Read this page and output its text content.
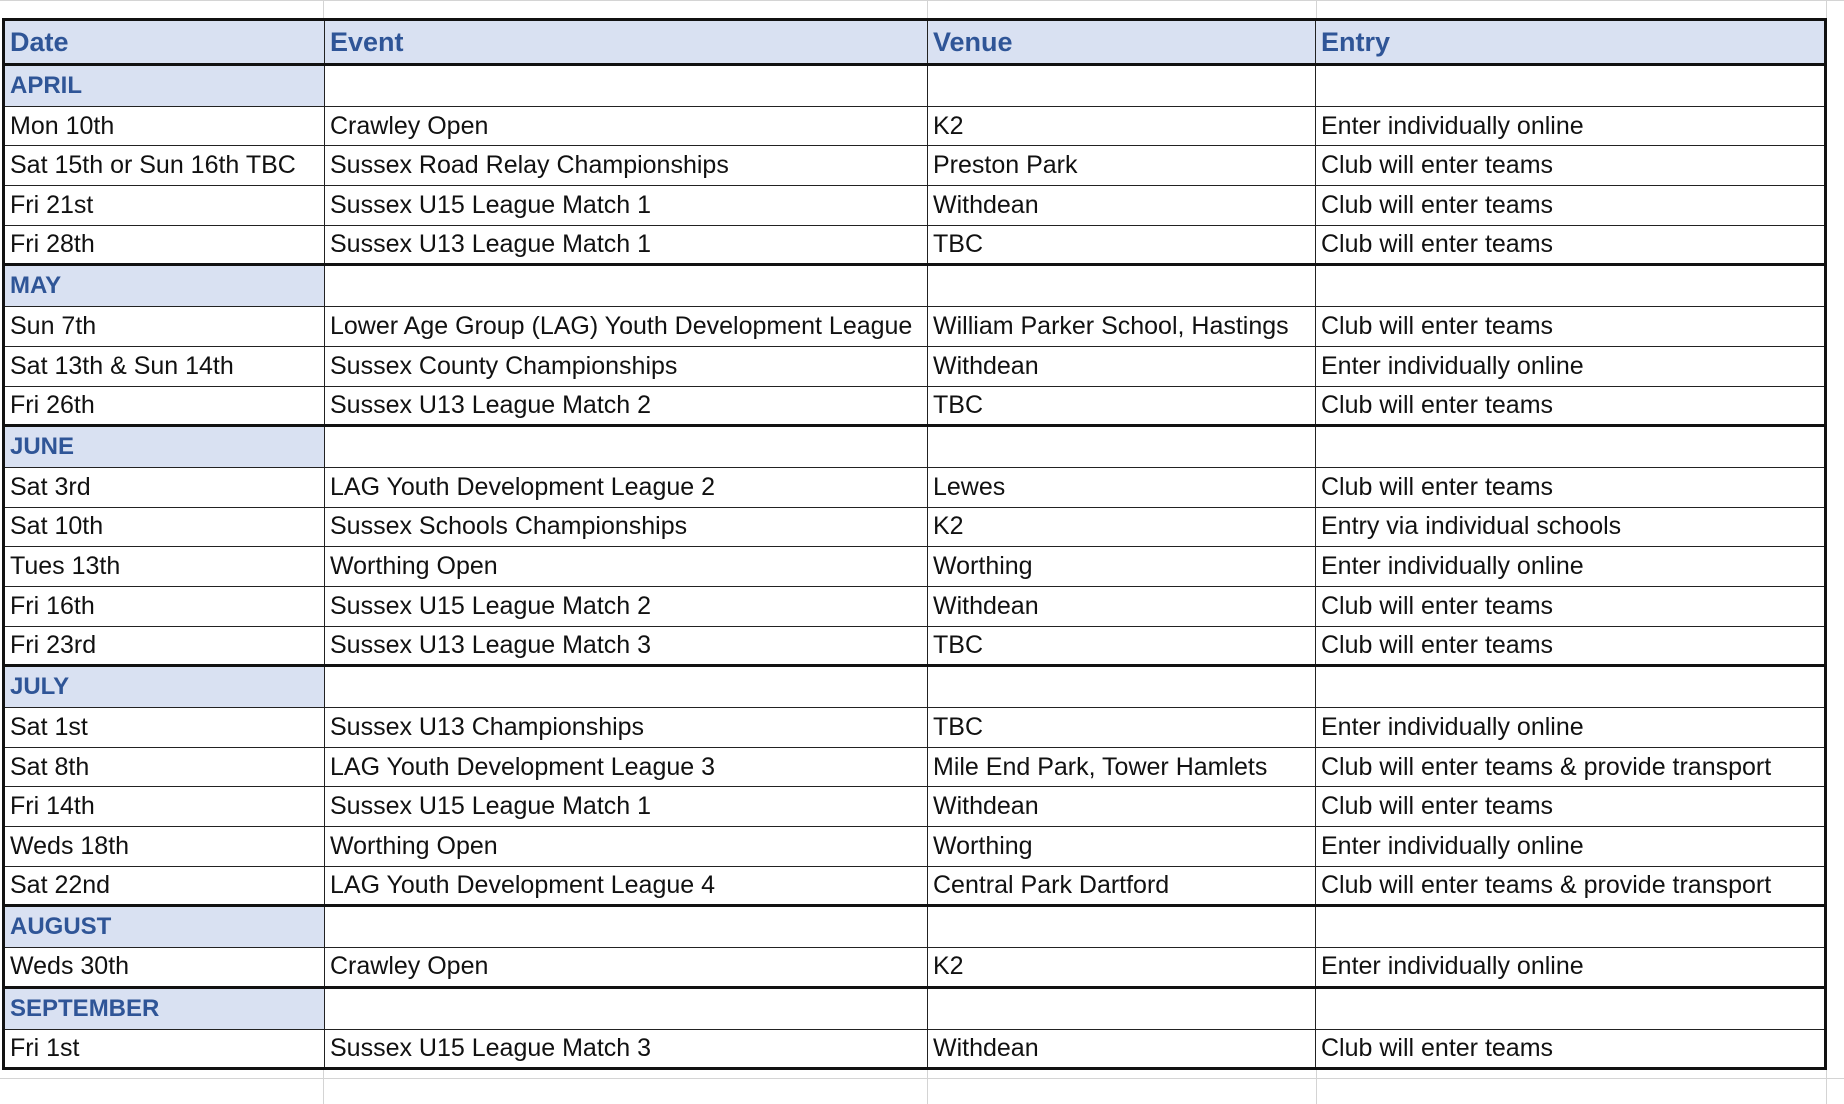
Date	Event	Venue	Entry
APRIL			
Mon 10th	Crawley Open	K2	Enter individually online
Sat 15th or Sun 16th TBC	Sussex Road Relay Championships	Preston Park	Club will enter teams
Fri 21st	Sussex U15 League Match 1	Withdean	Club will enter teams
Fri 28th	Sussex U13 League Match 1	TBC	Club will enter teams
MAY			
Sun 7th	Lower Age Group (LAG) Youth Development League	William Parker School, Hastings	Club will enter teams
Sat 13th & Sun 14th	Sussex County Championships	Withdean	Enter individually online
Fri 26th	Sussex U13 League Match 2	TBC	Club will enter teams
JUNE			
Sat 3rd	LAG Youth Development League 2	Lewes	Club will enter teams
Sat 10th	Sussex Schools Championships	K2	Entry via individual schools
Tues 13th	Worthing Open	Worthing	Enter individually online
Fri 16th	Sussex U15 League Match 2	Withdean	Club will enter teams
Fri 23rd	Sussex U13 League Match 3	TBC	Club will enter teams
JULY			
Sat 1st	Sussex U13 Championships	TBC	Enter individually online
Sat 8th	LAG Youth Development League 3	Mile End Park, Tower Hamlets	Club will enter teams & provide transport
Fri 14th	Sussex U15 League Match 1	Withdean	Club will enter teams
Weds 18th	Worthing Open	Worthing	Enter individually online
Sat 22nd	LAG Youth Development League 4	Central Park Dartford	Club will enter teams & provide transport
AUGUST			
Weds 30th	Crawley Open	K2	Enter individually online
SEPTEMBER			
Fri 1st	Sussex U15 League Match 3	Withdean	Club will enter teams
